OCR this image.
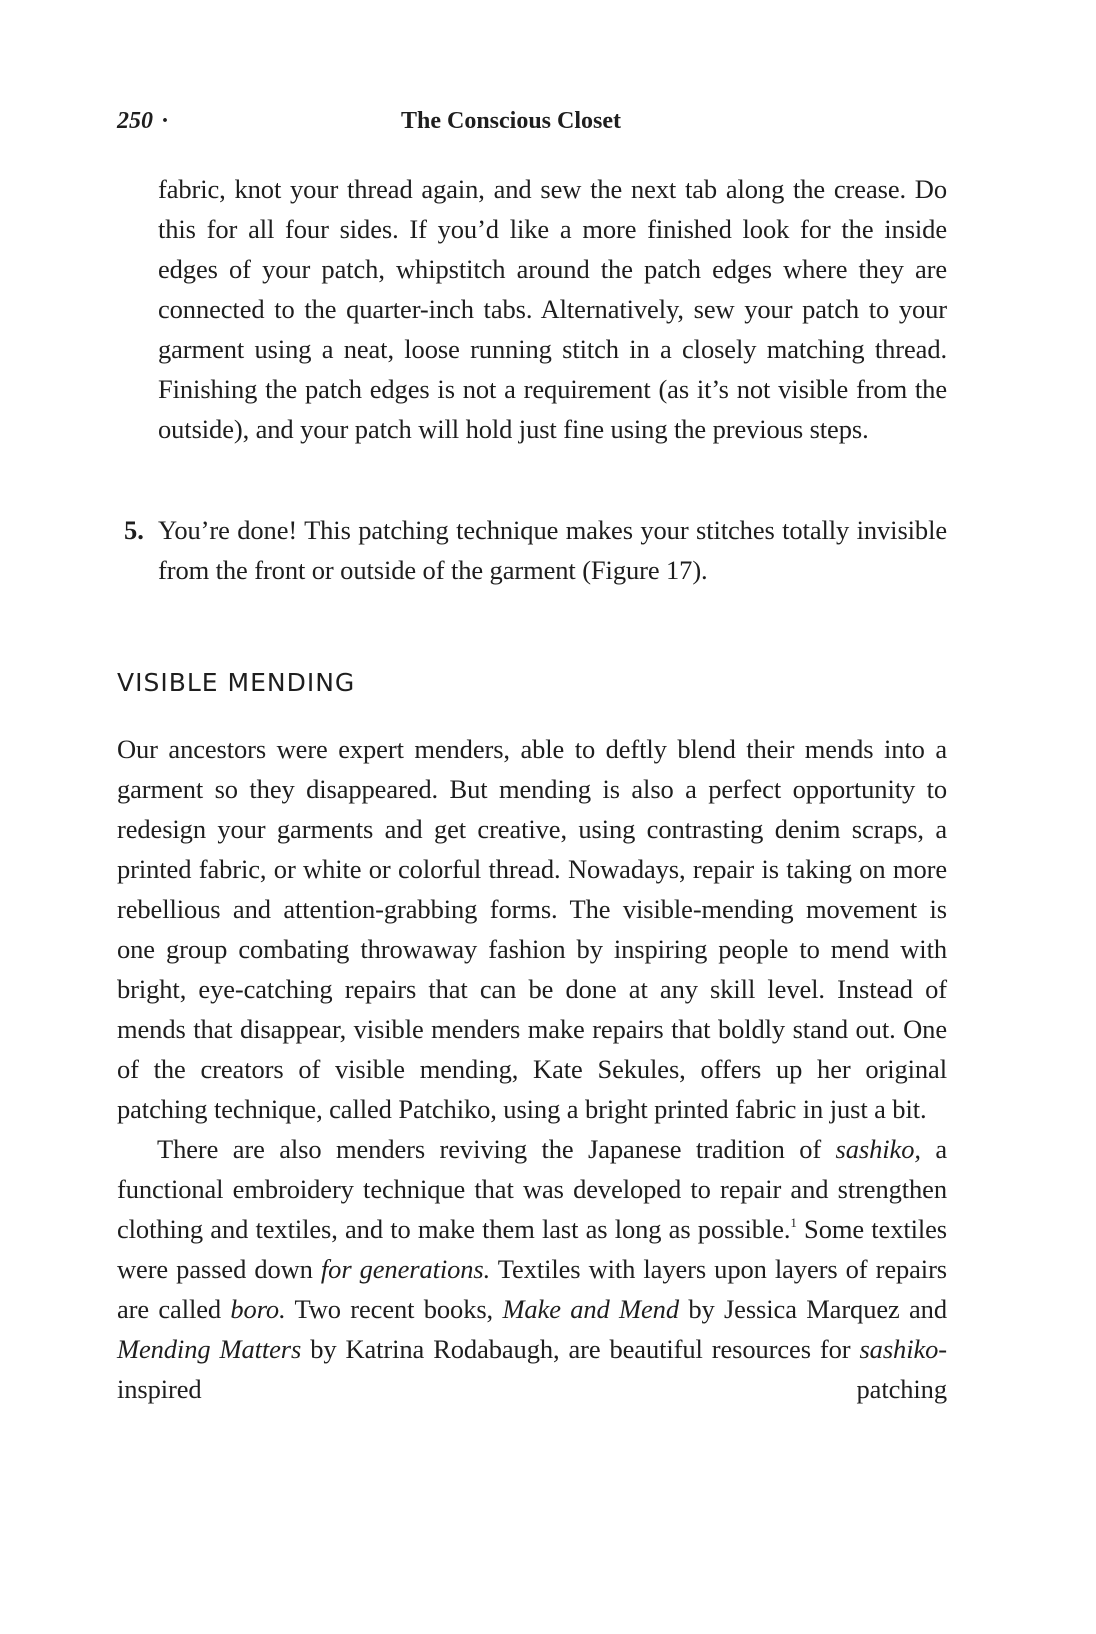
250 ·	The Conscious Closet

fabric, knot your thread again, and sew the next tab along the crease. Do this for all four sides. If you’d like a more finished look for the inside edges of your patch, whipstitch around the patch edges where they are connected to the quarter-inch tabs. Alternatively, sew your patch to your garment using a neat, loose running stitch in a closely matching thread. Finishing the patch edges is not a requirement (as it’s not visible from the outside), and your patch will hold just fine using the previous steps.

5. You’re done! This patching technique makes your stitches totally invisible from the front or outside of the garment (Figure 17).

VISIBLE MENDING

Our ancestors were expert menders, able to deftly blend their mends into a garment so they disappeared. But mending is also a perfect opportunity to redesign your garments and get creative, using contrasting denim scraps, a printed fabric, or white or colorful thread. Nowadays, repair is taking on more rebellious and attention-grabbing forms. The visible-mending movement is one group combating throwaway fashion by inspiring people to mend with bright, eye-catching repairs that can be done at any skill level. Instead of mends that disappear, visible menders make repairs that boldly stand out. One of the creators of visible mending, Kate Sekules, offers up her original patching technique, called Patchiko, using a bright printed fabric in just a bit.

There are also menders reviving the Japanese tradition of sashiko, a functional embroidery technique that was developed to repair and strengthen clothing and textiles, and to make them last as long as possible.$^1$ Some textiles were passed down for generations. Textiles with layers upon layers of repairs are called boro. Two recent books, Make and Mend by Jessica Marquez and Mending Matters by Katrina Rodabaugh, are beautiful resources for sashiko-inspired patching
